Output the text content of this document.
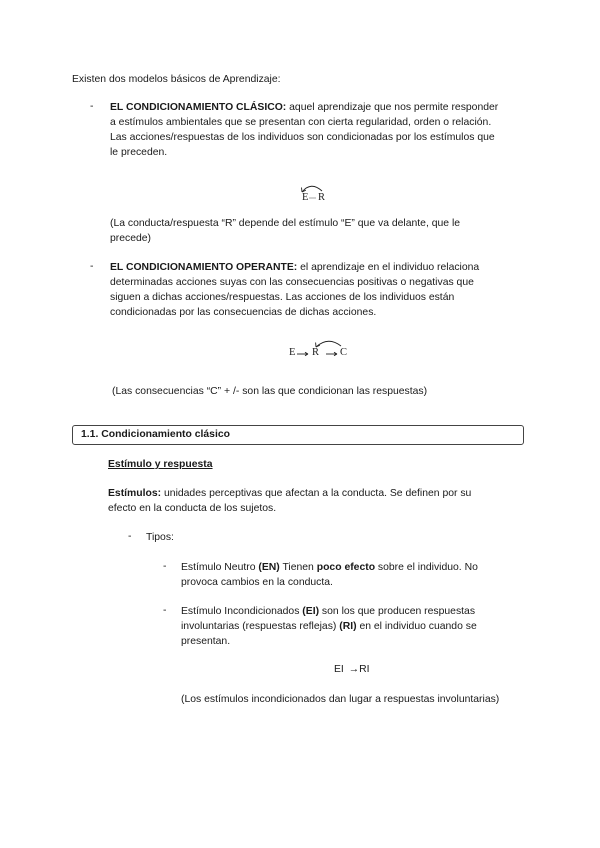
Existen dos modelos básicos de Aprendizaje:
- EL CONDICIONAMIENTO CLÁSICO: aquel aprendizaje que nos permite responder
a estímulos ambientales que se presentan con cierta regularidad, orden o relación.
Las acciones/respuestas de los individuos son condicionadas por los estímulos que
le preceden.
E R
(La conducta/respuesta “R” depende del estímulo “E” que va delante, que le
precede)
- EL CONDICIONAMIENTO OPERANTE: el aprendizaje en el individuo relaciona
determinadas acciones suyas con las consecuencias positivas o negativas que
siguen a dichas acciones/respuestas. Las acciones de los individuos están
condicionadas por las consecuencias de dichas acciones.
E R C
(Las consecuencias “C” + /- son las que condicionan las respuestas)
1.1. Condicionamiento clásico
Estímulo y respuesta
Estímulos: unidades perceptivas que afectan a la conducta. Se definen por su
efecto en la conducta de los sujetos.
- Tipos:
- Estímulo Neutro (EN) Tienen poco efecto sobre el individuo. No
provoca cambios en la conducta.
- Estímulo Incondicionados (EI) son los que producen respuestas
involuntarias (respuestas reflejas) (RI) en el individuo cuando se
presentan.
EI →RI
(Los estímulos incondicionados dan lugar a respuestas involuntarias)
